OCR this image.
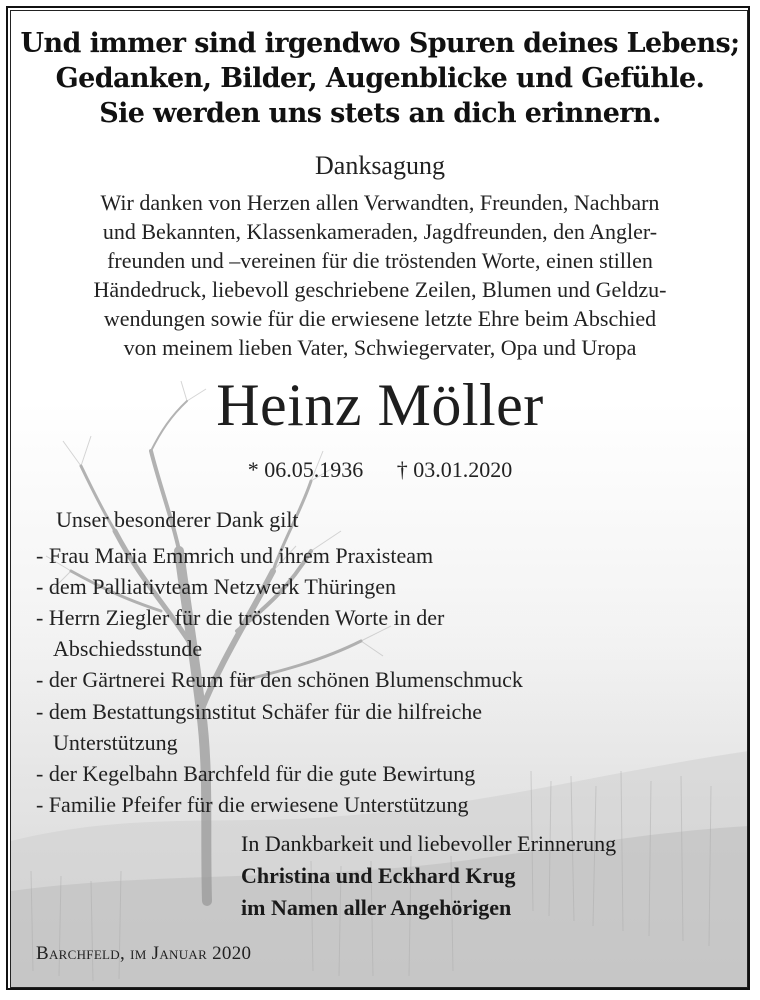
Und immer sind irgendwo Spuren deines Lebens;

Gedanken, Bilder, Augenblicke und Gefühle.

Sie werden uns stets an dich erinnern.

Danksagung

Wir danken von Herzen allen Verwandten, Freunden, Nachbarn

und Bekannten, Klassenkameraden, Jagdfreunden, den Angler-

freunden und –vereinen für die tröstenden Worte, einen stillen

Händedruck, liebevoll geschriebene Zeilen, Blumen und Geldzu-

wendungen sowie für die erwiesene letzte Ehre beim Abschied

von meinem lieben Vater, Schwiegervater, Opa und Uropa

Heinz Möller

* 06.05.1936 † 03.01.2020

Unser besonderer Dank gilt

- Frau Maria Emmrich und ihrem Praxisteam

- dem Palliativteam Netzwerk Thüringen

- Herrn Ziegler für die tröstenden Worte in der

Abschiedsstunde

- der Gärtnerei Reum für den schönen Blumenschmuck

- dem Bestattungsinstitut Schäfer für die hilfreiche

Unterstützung

- der Kegelbahn Barchfeld für die gute Bewirtung

- Familie Pfeifer für die erwiesene Unterstützung

In Dankbarkeit und liebevoller Erinnerung

Christina und Eckhard Krug

im Namen aller Angehörigen

Barchfeld, im Januar 2020
